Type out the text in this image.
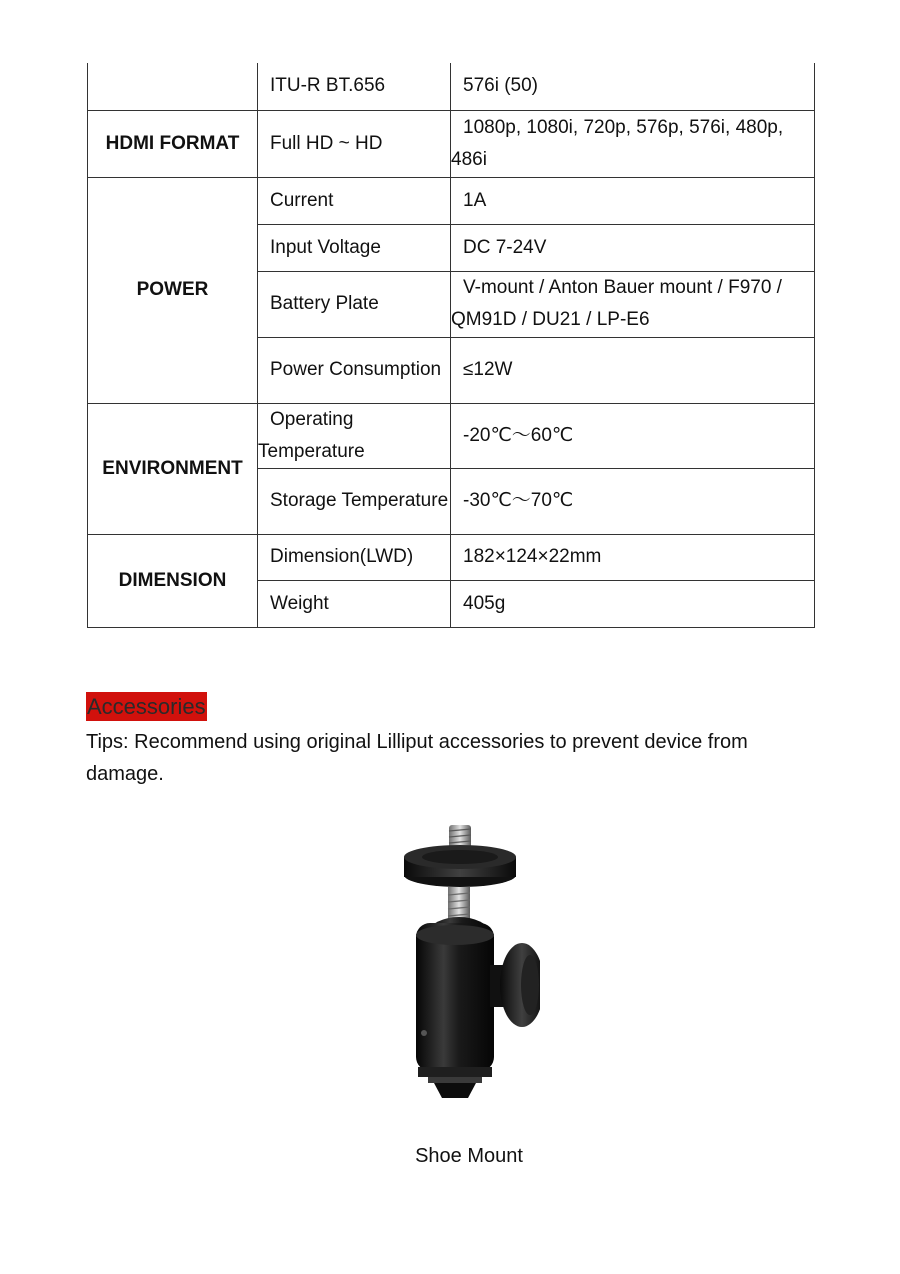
	ITU-R BT.656	576i (50)
HDMI FORMAT	Full HD ~ HD	1080p, 1080i, 720p, 576p, 576i, 480p, 486i

POWER	Current	1A
	Input Voltage	DC 7-24V
	Battery Plate	V-mount / Anton Bauer mount / F970 / QM91D / DU21 / LP-E6

	Power Consumption	≤12W
ENVIRONMENT	Operating Temperature	-20℃～60℃

	Storage Temperature	-30℃～70℃
DIMENSION	Dimension(LWD)	182×124×22mm
	Weight	405g
Accessories

Tips: Recommend using original Lilliput accessories to prevent device from damage.

Shoe Mount
